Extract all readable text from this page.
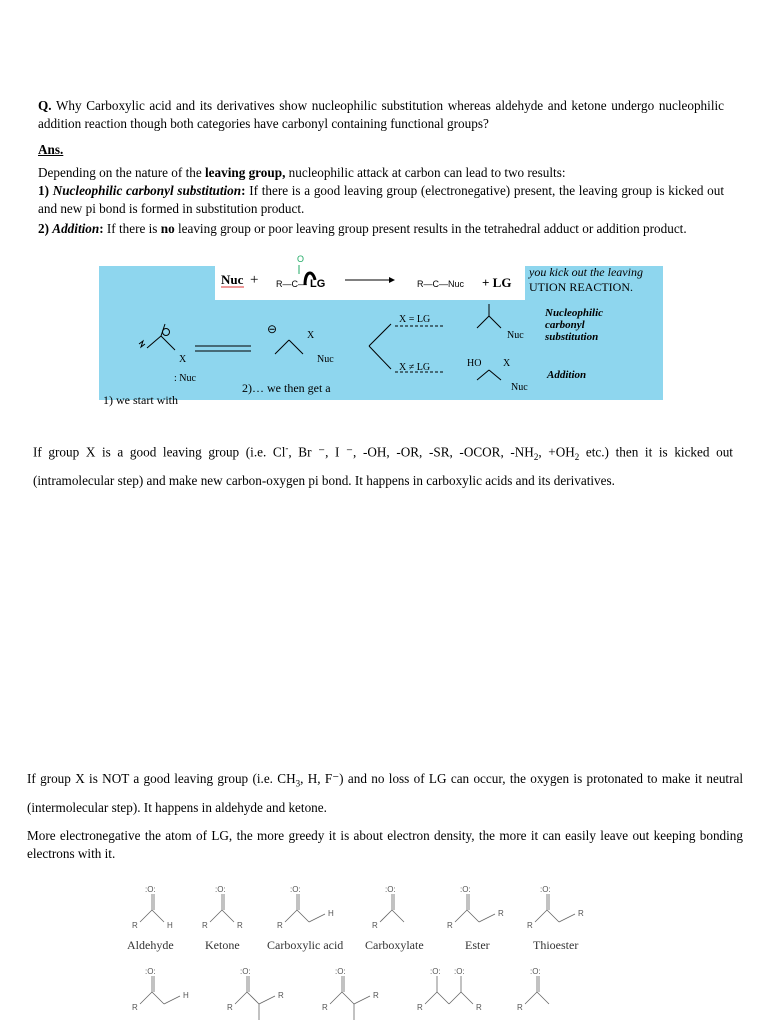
Q. Why Carboxylic acid and its derivatives show nucleophilic substitution whereas aldehyde and ketone undergo nucleophilic addition reaction though both categories have carbonyl containing functional groups?
Ans.
Depending on the nature of the leaving group, nucleophilic attack at carbon can lead to two results:
1) Nucleophilic carbonyl substitution: If there is a good leaving group (electronegative) present, the leaving group is kicked out and new pi bond is formed in substitution product.
2) Addition: If there is no leaving group or poor leaving group present results in the tetrahedral adduct or addition product.
Nuc +
O
R—C— LG	R—C—Nuc + LG
you kick out the leaving
UTION REACTION.
X
: Nuc
⊖	X
Nuc
X = LG
X ≠ LG
Nuc
Nucleophilic
carbonyl
substitution
HO X
Nuc
Addition
2)… we then get a
1) we start with
If group X is a good leaving group (i.e. Cl-, Br ⁻, I ⁻, -OH, -OR, -SR, -OCOR, $-NH_2$, $+OH_2$ etc.) then it is kicked out (intramolecular step) and make new carbon-oxygen pi bond. It happens in carboxylic acids and its derivatives.
If group X is NOT a good leaving group (i.e. $CH_3$, H, F⁻) and no loss of LG can occur, the oxygen is protonated to make it neutral (intermolecular step). It happens in aldehyde and ketone.
More electronegative the atom of LG, the more greedy it is about electron density, the more it can easily leave out keeping bonding electrons with it.
:O:	:O:	:O:	:O:	:O:	:O:
R	H	R	R	R
H
R	R
R
R
R
:O:	:O:	:O:	:O: :O:	:O:
R
H
R
R
R
R
R	R	R
Aldehyde	Ketone Carboxylic acid Carboxylate	Ester	Thioester
